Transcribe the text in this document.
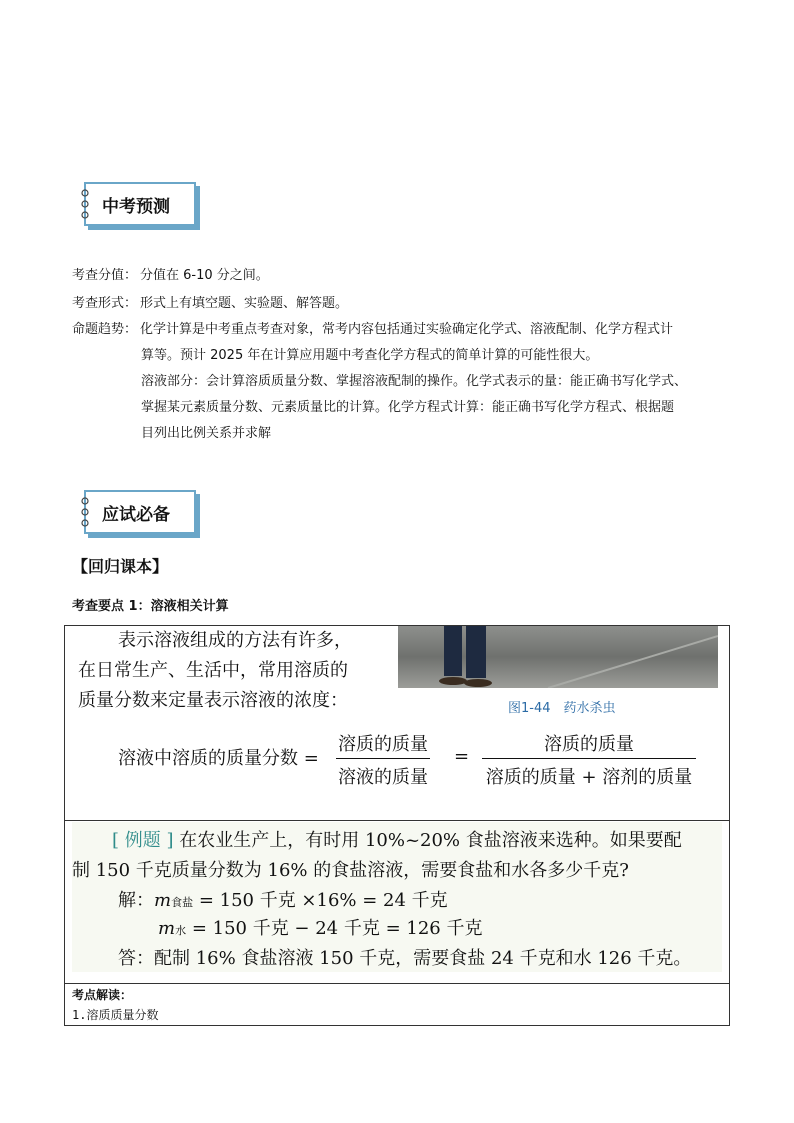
中考预测
考查分值： 分值在 6-10 分之间。
考查形式： 形式上有填空题、实验题、解答题。
命题趋势： 化学计算是中考重点考查对象，常考内容包括通过实验确定化学式、溶液配制、化学方程式计
算等。预计 2025 年在计算应用题中考查化学方程式的简单计算的可能性很大。
溶液部分：会计算溶质质量分数、掌握溶液配制的操作。化学式表示的量：能正确书写化学式、
掌握某元素质量分数、元素质量比的计算。化学方程式计算：能正确书写化学方程式、根据题
目列出比例关系并求解
应试必备
【回归课本】
考查要点 1：溶液相关计算
图1-44　药水杀虫
表示溶液组成的方法有许多，
在日常生产、生活中，常用溶质的
质量分数来定量表示溶液的浓度：
溶液中溶质的质量分数 =
溶质的质量
溶液的质量
=
溶质的质量
溶质的质量 + 溶剂的质量
[ 例题 ] 在农业生产上，有时用 10%~20% 食盐溶液来选种。如果要配
制 150 千克质量分数为 16% 的食盐溶液，需要食盐和水各多少千克?
解：m食盐 = 150 千克 ×16% = 24 千克
m水 = 150 千克 − 24 千克 = 126 千克
答：配制 16% 食盐溶液 150 千克，需要食盐 24 千克和水 126 千克。
考点解读：
1.溶质质量分数
